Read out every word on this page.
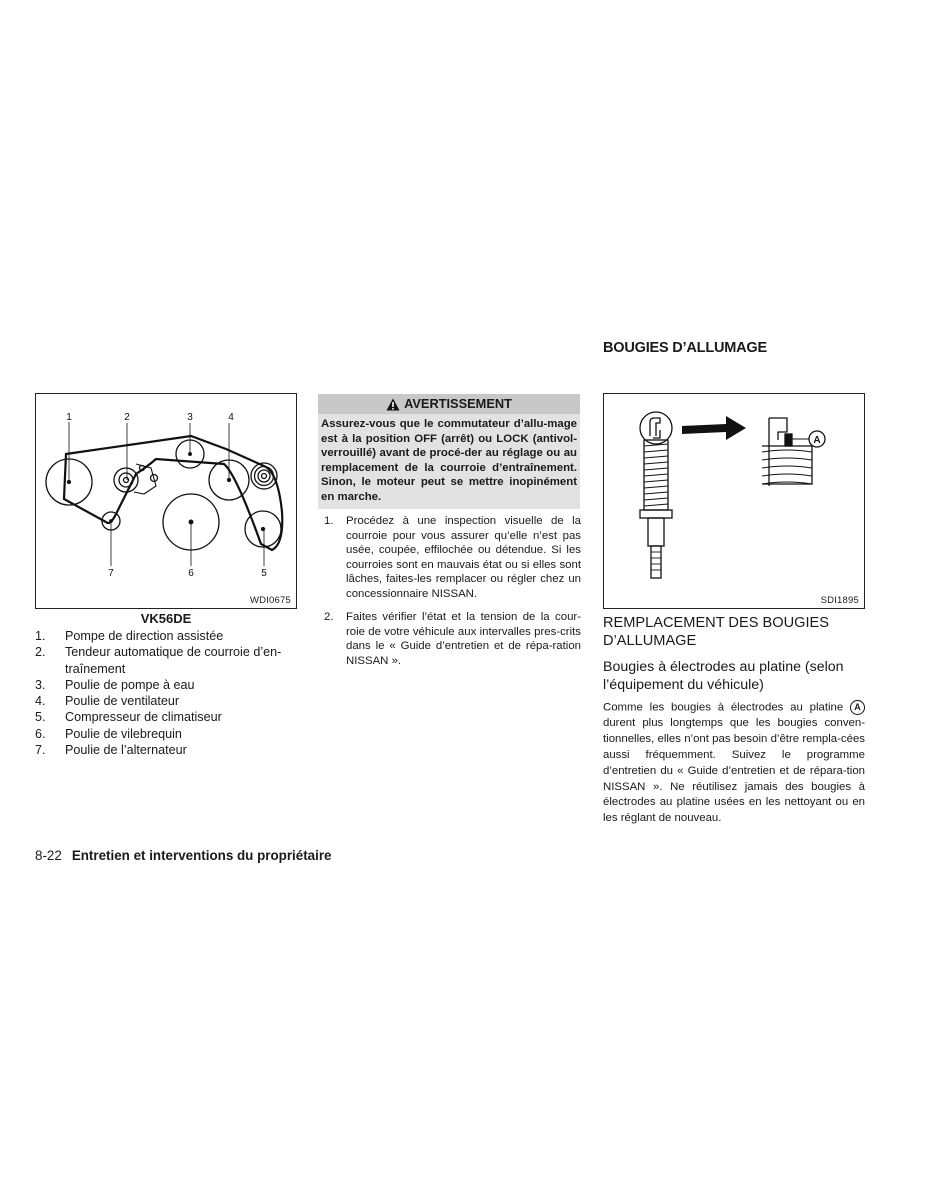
1	2	3	4
5
6
7
WDI0675
VK56DE
1.	Pompe de direction assistée
2.	Tendeur automatique de courroie d’en-traînement
3.	Poulie de pompe à eau
4.	Poulie de ventilateur
5.	Compresseur de climatiseur
6.	Poulie de vilebrequin
7.	Poulie de l’alternateur
AVERTISSEMENT
Assurez-vous que le commutateur d’allu-mage est à la position OFF (arrêt) ou LOCK (antivol-verrouillé) avant de procé-der au réglage ou au remplacement de la courroie d’entraînement. Sinon, le moteur peut se mettre inopinément en marche.
1.	Procédez à une inspection visuelle de la courroie pour vous assurer qu’elle n’est pas usée, coupée, effilochée ou détendue. Si les courroies sont en mauvais état ou si elles sont lâches, faites-les remplacer ou régler chez un concessionnaire NISSAN.
2.	Faites vérifier l’état et la tension de la cour-roie de votre véhicule aux intervalles pres-crits dans le « Guide d’entretien et de répa-ration NISSAN ».
BOUGIES D’ALLUMAGE
A
SDI1895
REMPLACEMENT DES BOUGIES D’ALLUMAGE
Bougies à électrodes au platine (selon l’équipement du véhicule)
Comme les bougies à électrodes au platine A durent plus longtemps que les bougies conven-tionnelles, elles n’ont pas besoin d’être rempla-cées aussi fréquemment. Suivez le programme d’entretien du « Guide d’entretien et de répara-tion NISSAN ». Ne réutilisez jamais des bougies à électrodes au platine usées en les nettoyant ou en les réglant de nouveau.
8-22 Entretien et interventions du propriétaire
